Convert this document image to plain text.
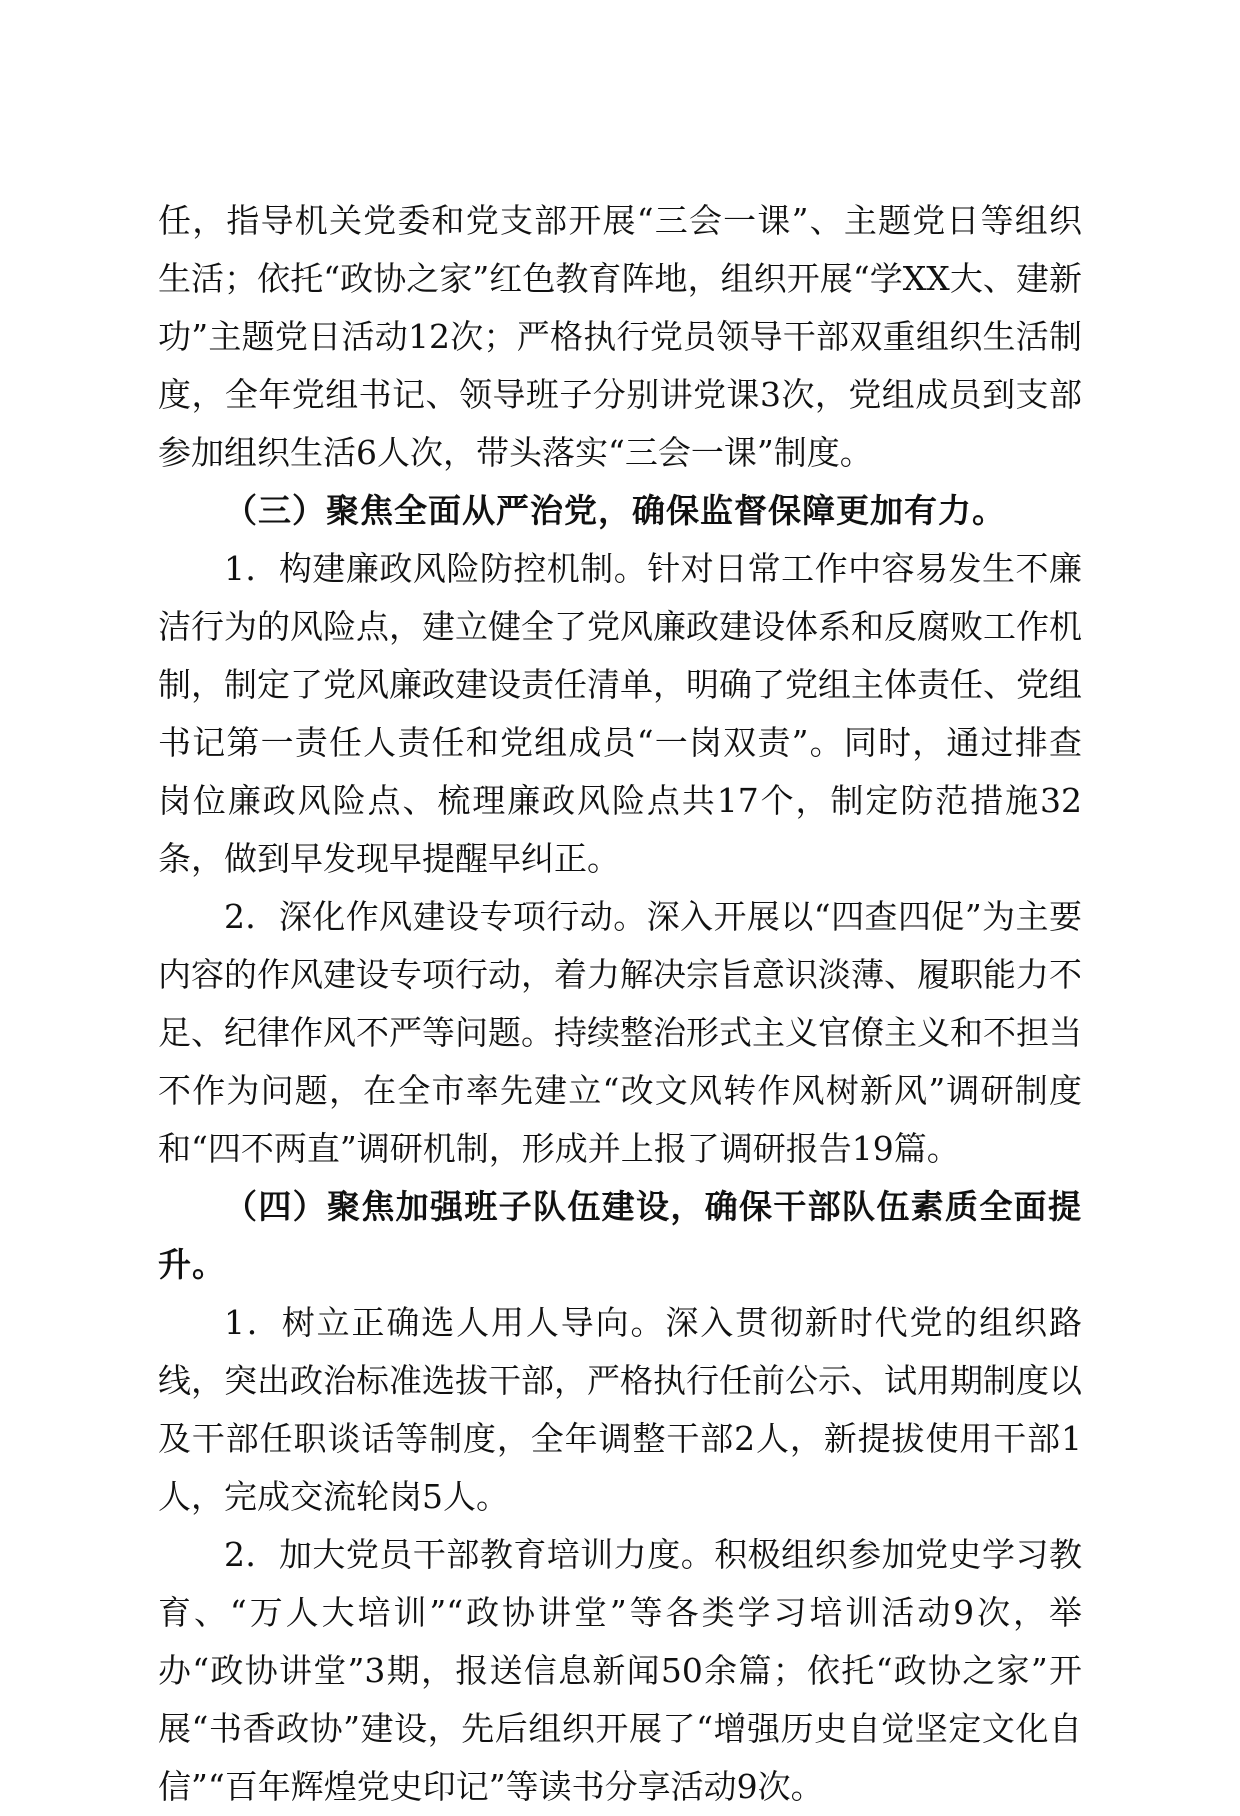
任，指导机关党委和党支部开展“三会一课”、主题党日等组织生活；依托“政协之家”红色教育阵地，组织开展“学XX大、建新功”主题党日活动12次；严格执行党员领导干部双重组织生活制度，全年党组书记、领导班子分别讲党课3次，党组成员到支部参加组织生活6人次，带头落实“三会一课”制度。

（三）聚焦全面从严治党，确保监督保障更加有力。

1．构建廉政风险防控机制。针对日常工作中容易发生不廉洁行为的风险点，建立健全了党风廉政建设体系和反腐败工作机制，制定了党风廉政建设责任清单，明确了党组主体责任、党组书记第一责任人责任和党组成员“一岗双责”。同时，通过排查岗位廉政风险点、梳理廉政风险点共17个，制定防范措施32条，做到早发现早提醒早纠正。

2．深化作风建设专项行动。深入开展以“四查四促”为主要内容的作风建设专项行动，着力解决宗旨意识淡薄、履职能力不足、纪律作风不严等问题。持续整治形式主义官僚主义和不担当不作为问题，在全市率先建立“改文风转作风树新风”调研制度和“四不两直”调研机制，形成并上报了调研报告19篇。

（四）聚焦加强班子队伍建设，确保干部队伍素质全面提升。

1．树立正确选人用人导向。深入贯彻新时代党的组织路线，突出政治标准选拔干部，严格执行任前公示、试用期制度以及干部任职谈话等制度，全年调整干部2人，新提拔使用干部1人，完成交流轮岗5人。

2．加大党员干部教育培训力度。积极组织参加党史学习教育、“万人大培训”“政协讲堂”等各类学习培训活动9次，举办“政协讲堂”3期，报送信息新闻50余篇；依托“政协之家”开展“书香政协”建设，先后组织开展了“增强历史自觉坚定文化自信”“百年辉煌党史印记”等读书分享活动9次。
